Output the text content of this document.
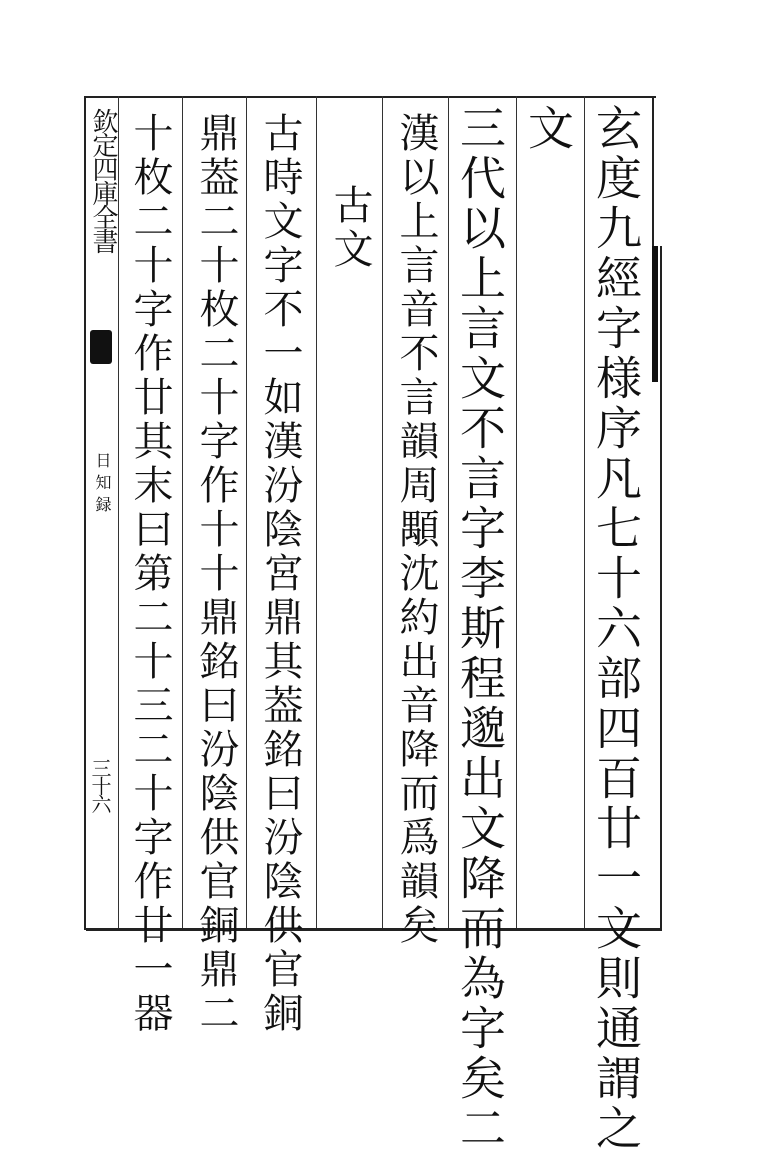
玄度九經字様序凡七十六部四百廿一文則通謂之
文
三代以上言文不言字李斯程邈出文降而為字矣二
漢以上言音不言韻周顒沈約出音降而爲韻矣
古文
古時文字不一如漢汾陰宮鼎其葢銘曰汾陰供官銅
鼎葢二十枚二十字作十十鼎銘曰汾陰供官銅鼎二
十枚二十字作廿其末曰第二十三二十字作廿一器
欽定四庫全書
日知録
三十六
